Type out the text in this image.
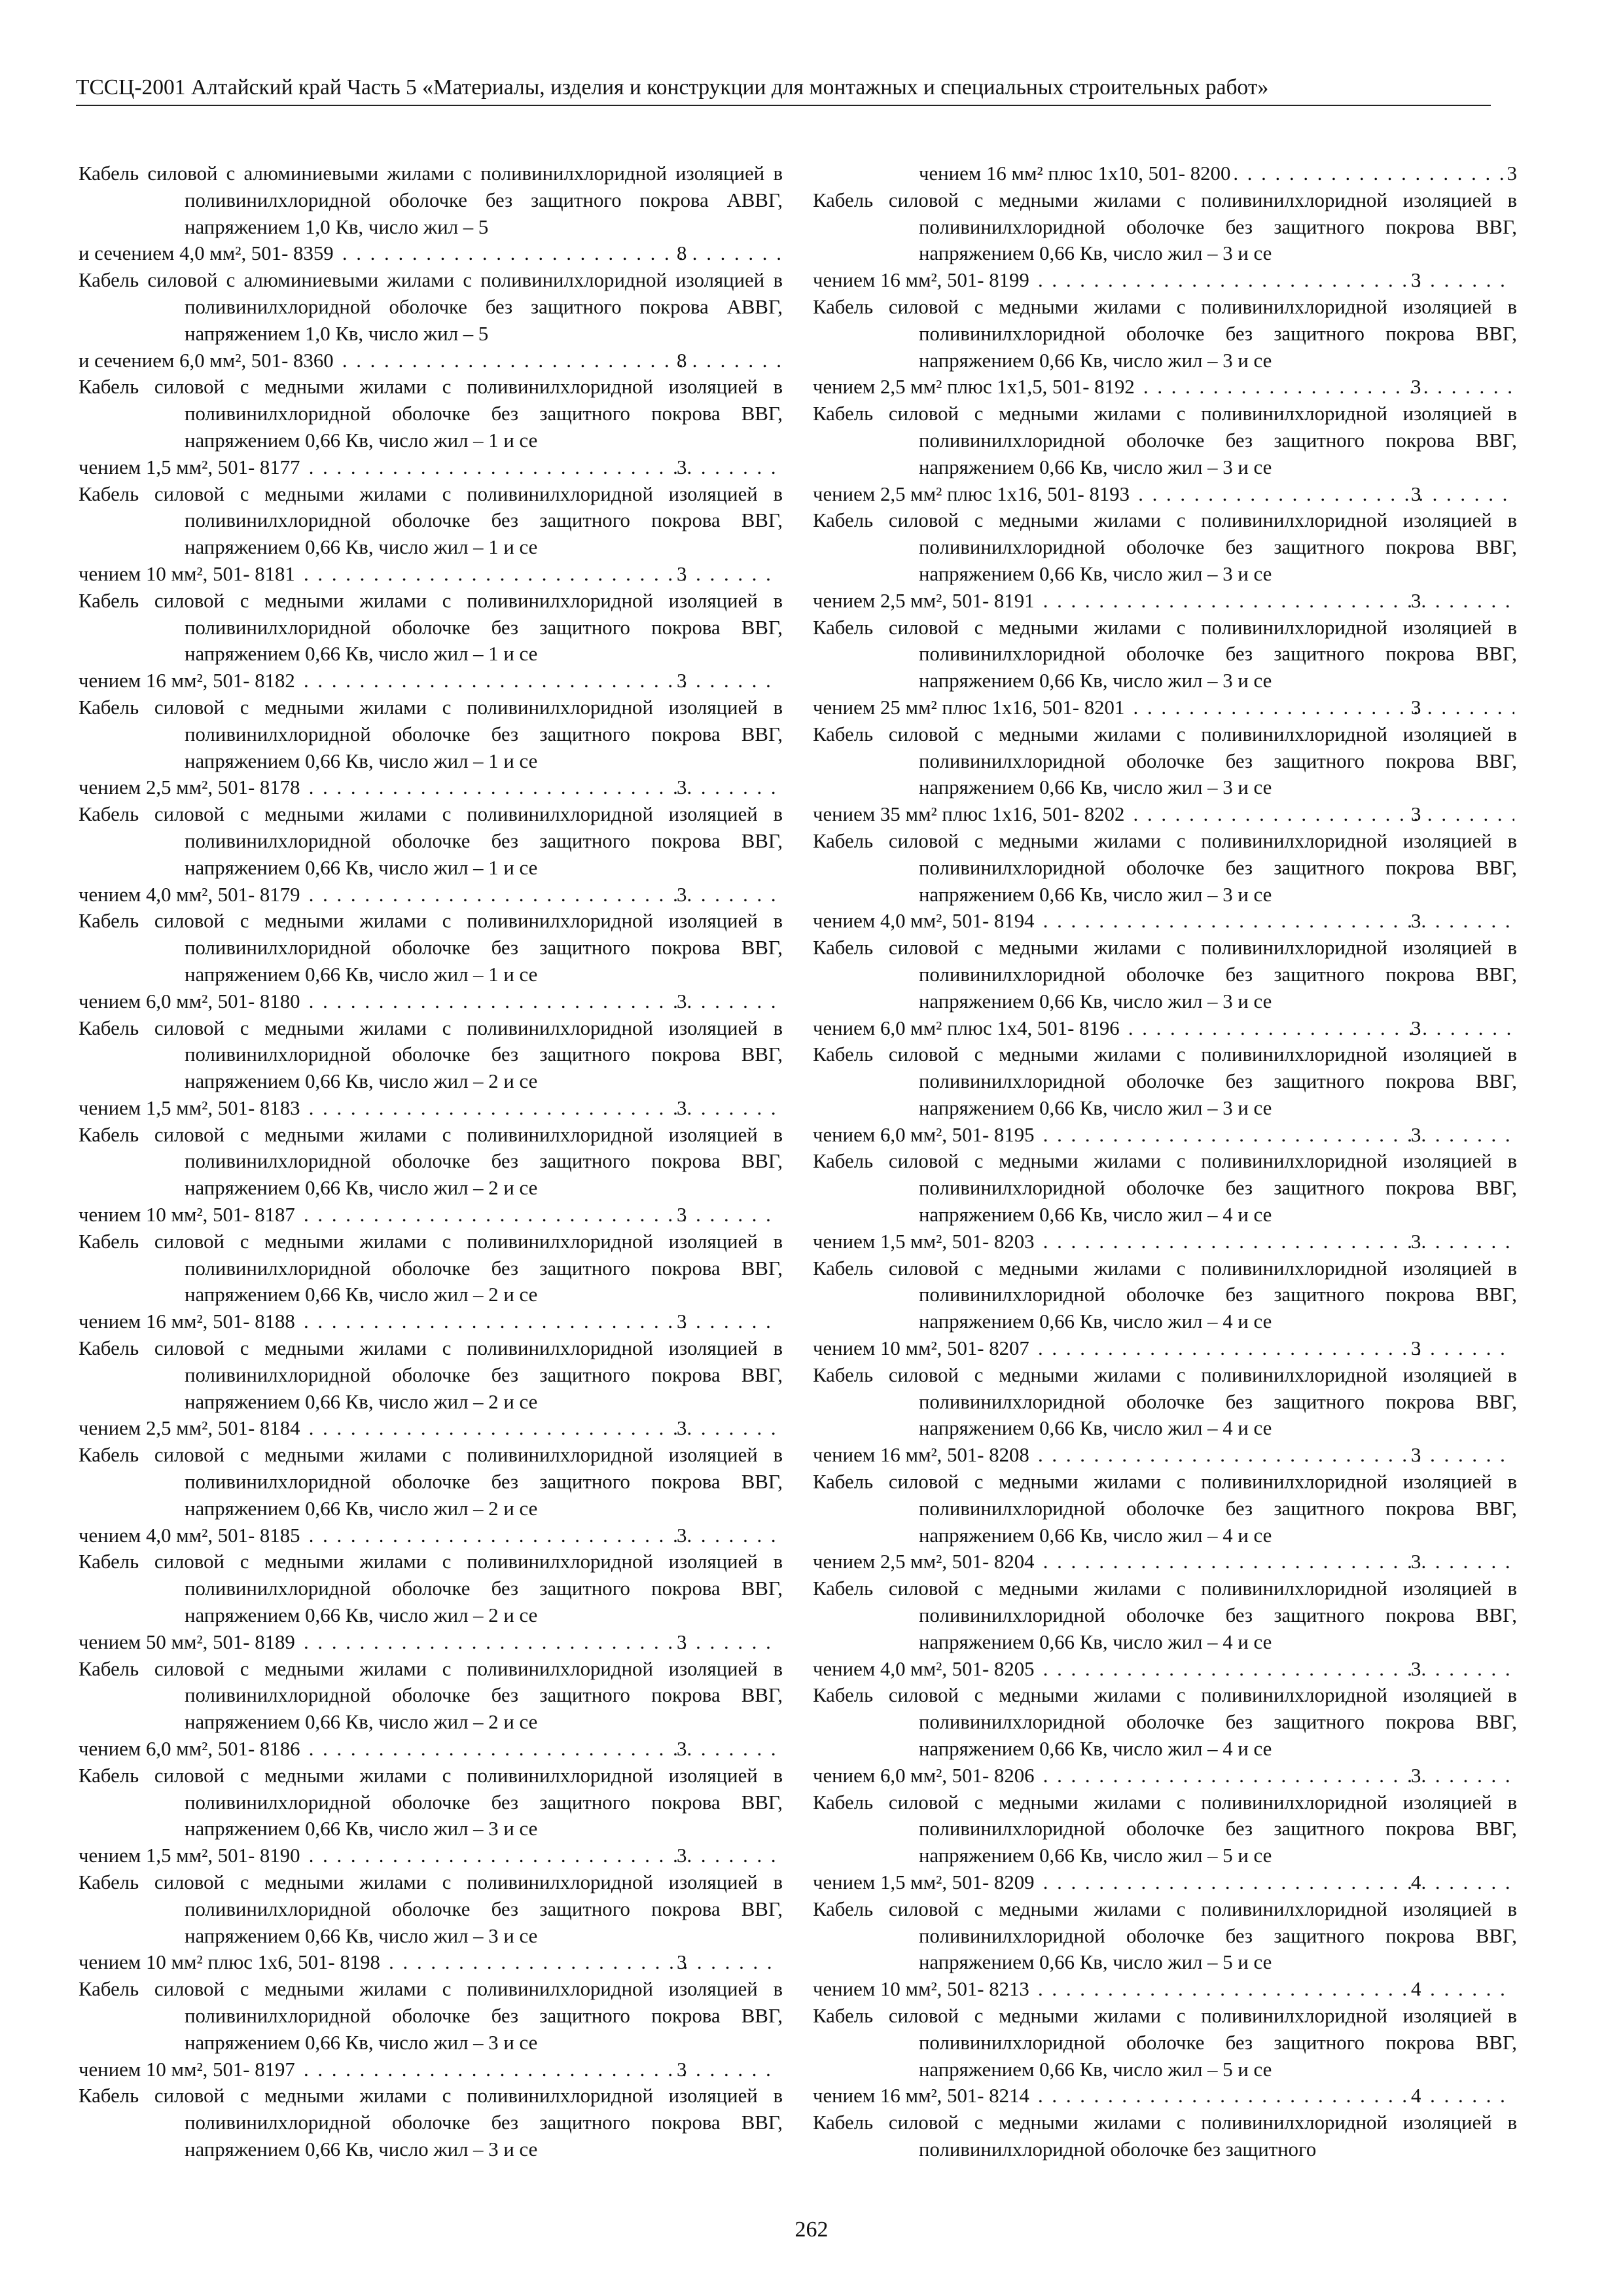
ТССЦ-2001 Алтайский край Часть 5 «Материалы, изделия и конструкции для монтажных и специальных строительных работ»
Кабель силовой с алюминиевыми жилами с поливинилхлоридной изоляцией в поливинилхлоридной оболочке без защитного покрова АВВГ, напряжением 1,0 Кв, число жил – 5
и сечением 4,0 мм², 501- 8359 . . .	8
Кабель силовой с алюминиевыми жилами с поливинилхлоридной изоляцией в поливинилхлоридной оболочке без защитного покрова АВВГ, напряжением 1,0 Кв, число жил – 5
и сечением 6,0 мм², 501- 8360 . . .	8
Кабель силовой с медными жилами с поливинилхлоридной изоляцией в поливинилхлоридной оболочке без защитного покрова ВВГ, напряжением 0,66 Кв, число жил – 1 и се
чением 1,5 мм², 501- 8177 . . .	3
Кабель силовой с медными жилами с поливинилхлоридной изоляцией в поливинилхлоридной оболочке без защитного покрова ВВГ, напряжением 0,66 Кв, число жил – 1 и се
чением 10 мм², 501- 8181 . . .	3
Кабель силовой с медными жилами с поливинилхлоридной изоляцией в поливинилхлоридной оболочке без защитного покрова ВВГ, напряжением 0,66 Кв, число жил – 1 и се
чением 16 мм², 501- 8182 . . .	3
Кабель силовой с медными жилами с поливинилхлоридной изоляцией в поливинилхлоридной оболочке без защитного покрова ВВГ, напряжением 0,66 Кв, число жил – 1 и се
чением 2,5 мм², 501- 8178 . . .	3
Кабель силовой с медными жилами с поливинилхлоридной изоляцией в поливинилхлоридной оболочке без защитного покрова ВВГ, напряжением 0,66 Кв, число жил – 1 и се
чением 4,0 мм², 501- 8179 . . .	3
Кабель силовой с медными жилами с поливинилхлоридной изоляцией в поливинилхлоридной оболочке без защитного покрова ВВГ, напряжением 0,66 Кв, число жил – 1 и се
чением 6,0 мм², 501- 8180 . . .	3
Кабель силовой с медными жилами с поливинилхлоридной изоляцией в поливинилхлоридной оболочке без защитного покрова ВВГ, напряжением 0,66 Кв, число жил – 2 и се
чением 1,5 мм², 501- 8183 . . .	3
Кабель силовой с медными жилами с поливинилхлоридной изоляцией в поливинилхлоридной оболочке без защитного покрова ВВГ, напряжением 0,66 Кв, число жил – 2 и се
чением 10 мм², 501- 8187 . . .	3
Кабель силовой с медными жилами с поливинилхлоридной изоляцией в поливинилхлоридной оболочке без защитного покрова ВВГ, напряжением 0,66 Кв, число жил – 2 и се
чением 16 мм², 501- 8188 . . .	3
Кабель силовой с медными жилами с поливинилхлоридной изоляцией в поливинилхлоридной оболочке без защитного покрова ВВГ, напряжением 0,66 Кв, число жил – 2 и се
чением 2,5 мм², 501- 8184 . . .	3
Кабель силовой с медными жилами с поливинилхлоридной изоляцией в поливинилхлоридной оболочке без защитного покрова ВВГ, напряжением 0,66 Кв, число жил – 2 и се
чением 4,0 мм², 501- 8185 . . .	3
Кабель силовой с медными жилами с поливинилхлоридной изоляцией в поливинилхлоридной оболочке без защитного покрова ВВГ, напряжением 0,66 Кв, число жил – 2 и се
чением 50 мм², 501- 8189 . . .	3
Кабель силовой с медными жилами с поливинилхлоридной изоляцией в поливинилхлоридной оболочке без защитного покрова ВВГ, напряжением 0,66 Кв, число жил – 2 и се
чением 6,0 мм², 501- 8186 . . .	3
Кабель силовой с медными жилами с поливинилхлоридной изоляцией в поливинилхлоридной оболочке без защитного покрова ВВГ, напряжением 0,66 Кв, число жил – 3 и се
чением 1,5 мм², 501- 8190 . . .	3
Кабель силовой с медными жилами с поливинилхлоридной изоляцией в поливинилхлоридной оболочке без защитного покрова ВВГ, напряжением 0,66 Кв, число жил – 3 и се
чением 10 мм² плюс 1х6, 501- 8198 . . .	3
Кабель силовой с медными жилами с поливинилхлоридной изоляцией в поливинилхлоридной оболочке без защитного покрова ВВГ, напряжением 0,66 Кв, число жил – 3 и се
чением 10 мм², 501- 8197 . . .	3
Кабель силовой с медными жилами с поливинилхлоридной изоляцией в поливинилхлоридной оболочке без защитного покрова ВВГ, напряжением 0,66 Кв, число жил – 3 и се
чением 16 мм² плюс 1х10, 501- 8200 . . .	3
Кабель силовой с медными жилами с поливинилхлоридной изоляцией в поливинилхлоридной оболочке без защитного покрова ВВГ, напряжением 0,66 Кв, число жил – 3 и се
чением 16 мм², 501- 8199 . . .	3
Кабель силовой с медными жилами с поливинилхлоридной изоляцией в поливинилхлоридной оболочке без защитного покрова ВВГ, напряжением 0,66 Кв, число жил – 3 и се
чением 2,5 мм² плюс 1х1,5, 501- 8192 . . .	3
Кабель силовой с медными жилами с поливинилхлоридной изоляцией в поливинилхлоридной оболочке без защитного покрова ВВГ, напряжением 0,66 Кв, число жил – 3 и се
чением 2,5 мм² плюс 1х16, 501- 8193 . . .	3
Кабель силовой с медными жилами с поливинилхлоридной изоляцией в поливинилхлоридной оболочке без защитного покрова ВВГ, напряжением 0,66 Кв, число жил – 3 и се
чением 2,5 мм², 501- 8191 . . .	3
Кабель силовой с медными жилами с поливинилхлоридной изоляцией в поливинилхлоридной оболочке без защитного покрова ВВГ, напряжением 0,66 Кв, число жил – 3 и се
чением 25 мм² плюс 1х16, 501- 8201 . . .	3
Кабель силовой с медными жилами с поливинилхлоридной изоляцией в поливинилхлоридной оболочке без защитного покрова ВВГ, напряжением 0,66 Кв, число жил – 3 и се
чением 35 мм² плюс 1х16, 501- 8202 . . .	3
Кабель силовой с медными жилами с поливинилхлоридной изоляцией в поливинилхлоридной оболочке без защитного покрова ВВГ, напряжением 0,66 Кв, число жил – 3 и се
чением 4,0 мм², 501- 8194 . . .	3
Кабель силовой с медными жилами с поливинилхлоридной изоляцией в поливинилхлоридной оболочке без защитного покрова ВВГ, напряжением 0,66 Кв, число жил – 3 и се
чением 6,0 мм² плюс 1х4, 501- 8196 . . .	3
Кабель силовой с медными жилами с поливинилхлоридной изоляцией в поливинилхлоридной оболочке без защитного покрова ВВГ, напряжением 0,66 Кв, число жил – 3 и се
чением 6,0 мм², 501- 8195 . . .	3
Кабель силовой с медными жилами с поливинилхлоридной изоляцией в поливинилхлоридной оболочке без защитного покрова ВВГ, напряжением 0,66 Кв, число жил – 4 и се
чением 1,5 мм², 501- 8203 . . .	3
Кабель силовой с медными жилами с поливинилхлоридной изоляцией в поливинилхлоридной оболочке без защитного покрова ВВГ, напряжением 0,66 Кв, число жил – 4 и се
чением 10 мм², 501- 8207 . . .	3
Кабель силовой с медными жилами с поливинилхлоридной изоляцией в поливинилхлоридной оболочке без защитного покрова ВВГ, напряжением 0,66 Кв, число жил – 4 и се
чением 16 мм², 501- 8208 . . .	3
Кабель силовой с медными жилами с поливинилхлоридной изоляцией в поливинилхлоридной оболочке без защитного покрова ВВГ, напряжением 0,66 Кв, число жил – 4 и се
чением 2,5 мм², 501- 8204 . . .	3
Кабель силовой с медными жилами с поливинилхлоридной изоляцией в поливинилхлоридной оболочке без защитного покрова ВВГ, напряжением 0,66 Кв, число жил – 4 и се
чением 4,0 мм², 501- 8205 . . .	3
Кабель силовой с медными жилами с поливинилхлоридной изоляцией в поливинилхлоридной оболочке без защитного покрова ВВГ, напряжением 0,66 Кв, число жил – 4 и се
чением 6,0 мм², 501- 8206 . . .	3
Кабель силовой с медными жилами с поливинилхлоридной изоляцией в поливинилхлоридной оболочке без защитного покрова ВВГ, напряжением 0,66 Кв, число жил – 5 и се
чением 1,5 мм², 501- 8209 . . .	4
Кабель силовой с медными жилами с поливинилхлоридной изоляцией в поливинилхлоридной оболочке без защитного покрова ВВГ, напряжением 0,66 Кв, число жил – 5 и се
чением 10 мм², 501- 8213 . . .	4
Кабель силовой с медными жилами с поливинилхлоридной изоляцией в поливинилхлоридной оболочке без защитного покрова ВВГ, напряжением 0,66 Кв, число жил – 5 и се
чением 16 мм², 501- 8214 . . .	4
Кабель силовой с медными жилами с поливинилхлоридной изоляцией в поливинилхлоридной оболочке без защитного
262
